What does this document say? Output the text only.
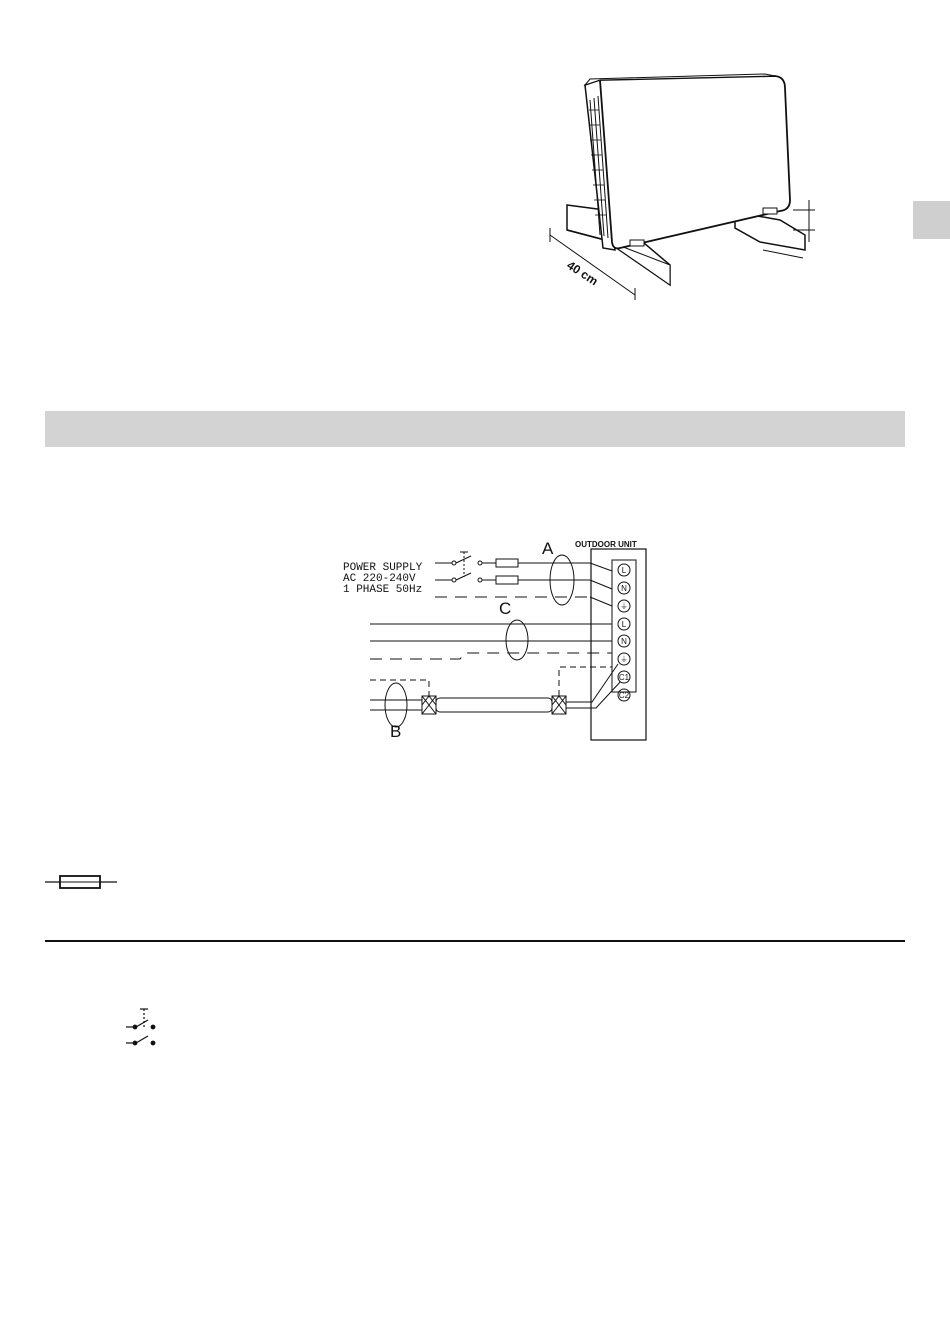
40 cm
OUTDOOR UNIT
POWER SUPPLY
AC 220-240V
1 PHASE 50Hz
A
C
B
L
N
⏚
L
N
⏚
C1
C2
